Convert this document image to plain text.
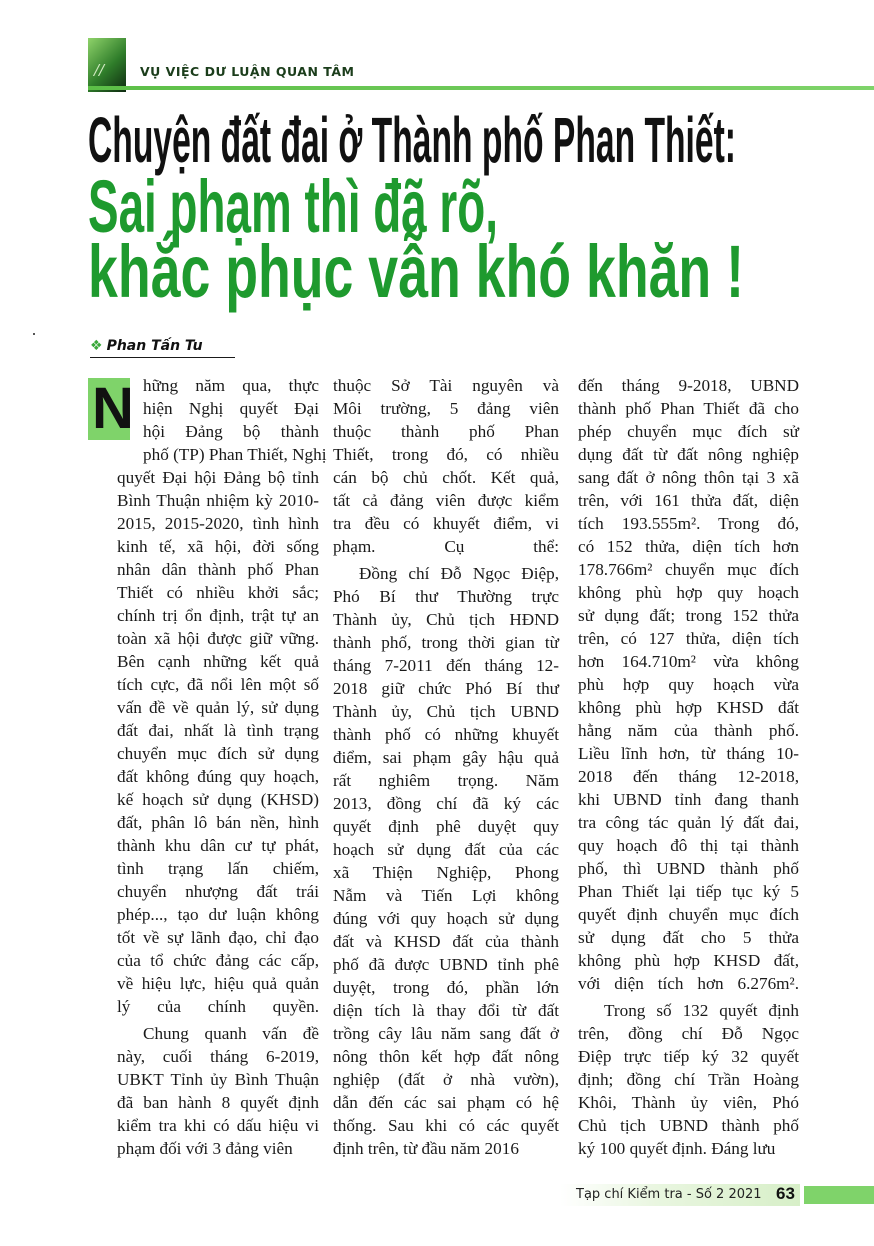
//	VỤ VIỆC DƯ LUẬN QUAN TÂM
Chuyện đất đai ở Thành phố Phan Thiết:
Sai phạm thì đã rõ,
khắc phục vẫn khó khăn !
❖ Phan Tấn Tu
N hững năm qua, thực
hiện Nghị quyết Đại
hội Đảng bộ thành
phố (TP) Phan Thiết, Nghị
quyết Đại hội Đảng bộ tỉnh
Bình Thuận nhiệm kỳ 2010-
2015, 2015-2020, tình hình
kinh tế, xã hội, đời sống
nhân dân thành phố Phan
Thiết có nhiều khởi sắc;
chính trị ổn định, trật tự an
toàn xã hội được giữ vững.
Bên cạnh những kết quả
tích cực, đã nổi lên một số
vấn đề về quản lý, sử dụng
đất đai, nhất là tình trạng
chuyển mục đích sử dụng
đất không đúng quy hoạch,
kế hoạch sử dụng (KHSD)
đất, phân lô bán nền, hình
thành khu dân cư tự phát,
tình trạng lấn chiếm,
chuyển nhượng đất trái
phép..., tạo dư luận không
tốt về sự lãnh đạo, chỉ đạo
của tổ chức đảng các cấp,
về hiệu lực, hiệu quả quản
lý của chính quyền.
Chung quanh vấn đề
này, cuối tháng 6-2019,
UBKT Tỉnh ủy Bình Thuận
đã ban hành 8 quyết định
kiểm tra khi có dấu hiệu vi
phạm đối với 3 đảng viên
thuộc Sở Tài nguyên và
Môi trường, 5 đảng viên
thuộc thành phố Phan
Thiết, trong đó, có nhiều
cán bộ chủ chốt. Kết quả,
tất cả đảng viên được kiểm
tra đều có khuyết điểm, vi
phạm. Cụ thể:
Đồng chí Đỗ Ngọc Điệp,
Phó Bí thư Thường trực
Thành ủy, Chủ tịch HĐND
thành phố, trong thời gian từ
tháng 7-2011 đến tháng 12-
2018 giữ chức Phó Bí thư
Thành ủy, Chủ tịch UBND
thành phố có những khuyết
điểm, sai phạm gây hậu quả
rất nghiêm trọng. Năm
2013, đồng chí đã ký các
quyết định phê duyệt quy
hoạch sử dụng đất của các
xã Thiện Nghiệp, Phong
Nẫm và Tiến Lợi không
đúng với quy hoạch sử dụng
đất và KHSD đất của thành
phố đã được UBND tỉnh phê
duyệt, trong đó, phần lớn
diện tích là thay đổi từ đất
trồng cây lâu năm sang đất ở
nông thôn kết hợp đất nông
nghiệp (đất ở nhà vườn),
dẫn đến các sai phạm có hệ
thống. Sau khi có các quyết
định trên, từ đầu năm 2016
đến tháng 9-2018, UBND
thành phố Phan Thiết đã cho
phép chuyển mục đích sử
dụng đất từ đất nông nghiệp
sang đất ở nông thôn tại 3 xã
trên, với 161 thửa đất, diện
tích 193.555m². Trong đó,
có 152 thửa, diện tích hơn
178.766m² chuyển mục đích
không phù hợp quy hoạch
sử dụng đất; trong 152 thửa
trên, có 127 thửa, diện tích
hơn 164.710m² vừa không
phù hợp quy hoạch vừa
không phù hợp KHSD đất
hằng năm của thành phố.
Liều lĩnh hơn, từ tháng 10-
2018 đến tháng 12-2018,
khi UBND tỉnh đang thanh
tra công tác quản lý đất đai,
quy hoạch đô thị tại thành
phố, thì UBND thành phố
Phan Thiết lại tiếp tục ký 5
quyết định chuyển mục đích
sử dụng đất cho 5 thửa
không phù hợp KHSD đất,
với diện tích hơn 6.276m².
Trong số 132 quyết định
trên, đồng chí Đỗ Ngọc
Điệp trực tiếp ký 32 quyết
định; đồng chí Trần Hoàng
Khôi, Thành ủy viên, Phó
Chủ tịch UBND thành phố
ký 100 quyết định. Đáng lưu
Tạp chí Kiểm tra - Số 2 2021 63
